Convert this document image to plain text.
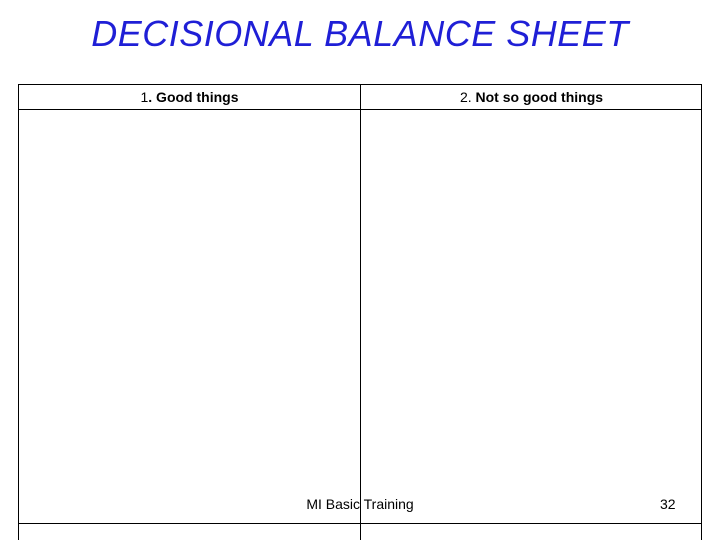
DECISIONAL BALANCE SHEET
1. Good things	2. Not so good things
MI Basic Training	32
